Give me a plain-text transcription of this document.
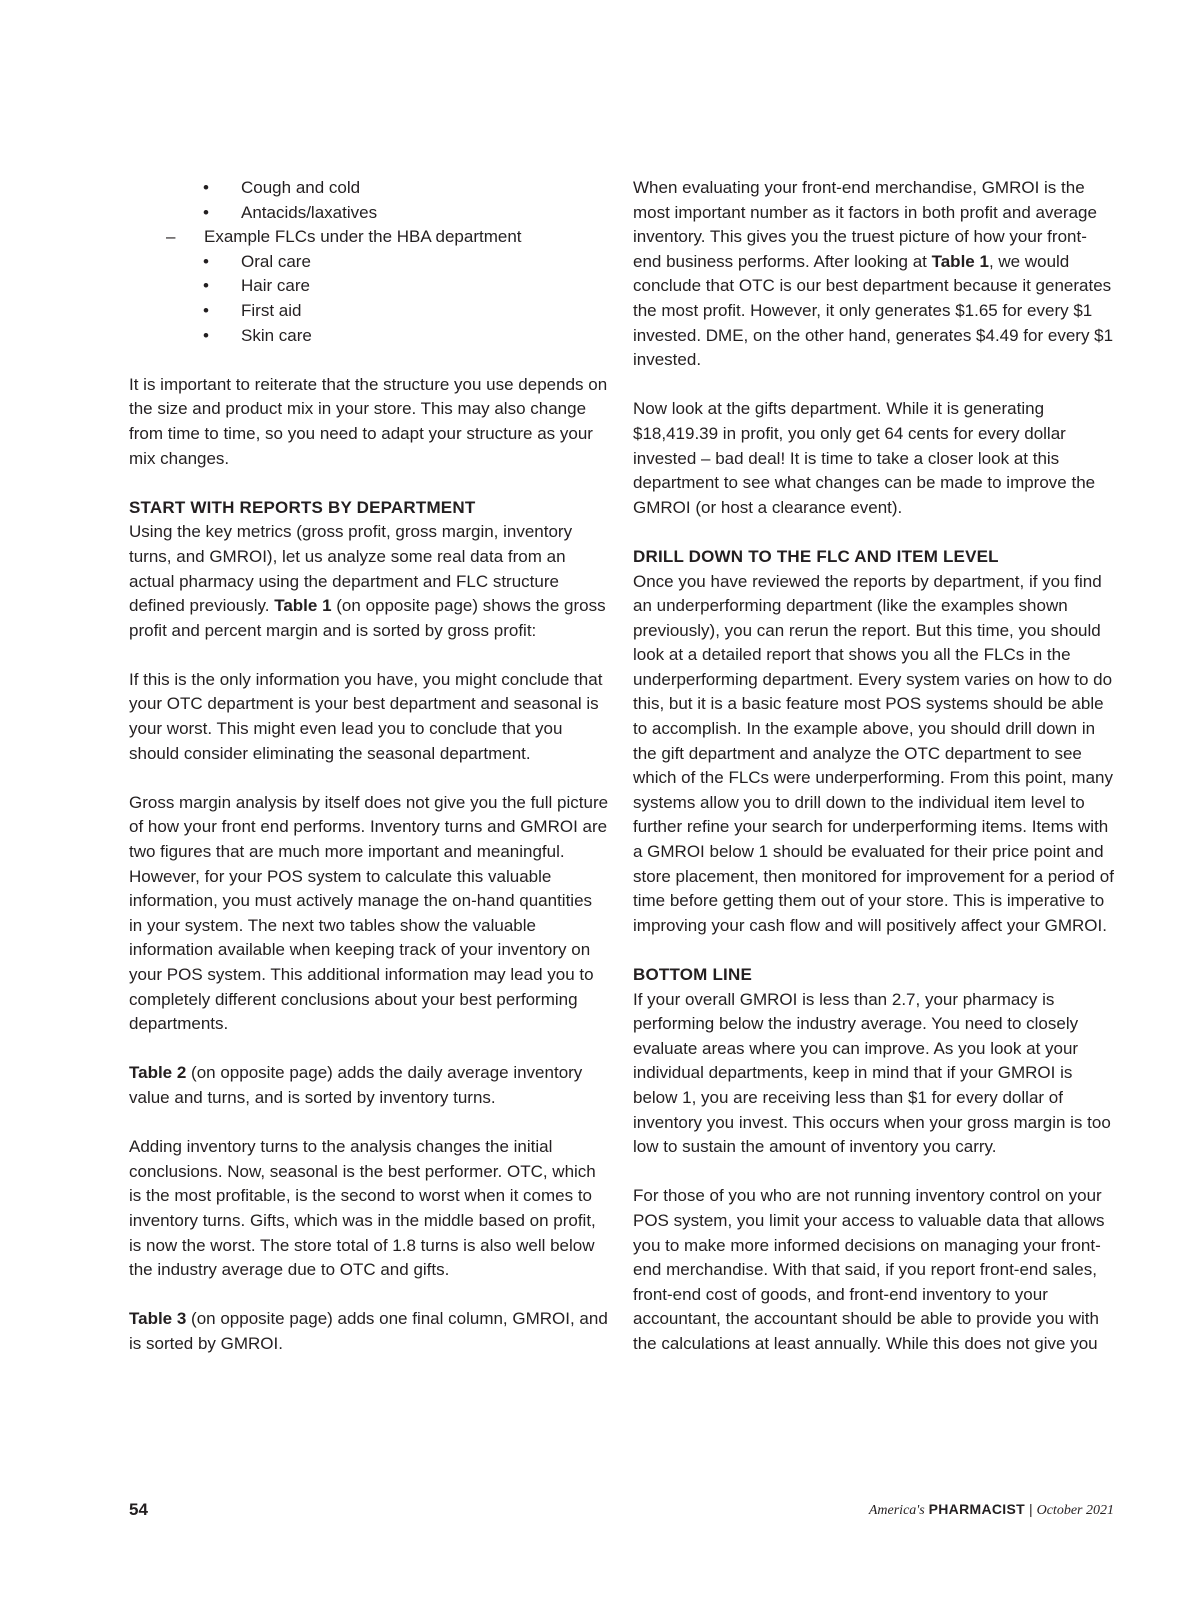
•	Cough and cold
•	Antacids/laxatives
–	Example FLCs under the HBA department
•	Oral care
•	Hair care
•	First aid
•	Skin care

It is important to reiterate that the structure you use depends on the size and product mix in your store. This may also change from time to time, so you need to adapt your structure as your mix changes.

START WITH REPORTS BY DEPARTMENT

Using the key metrics (gross profit, gross margin, inventory turns, and GMROI), let us analyze some real data from an actual pharmacy using the department and FLC structure defined previously. Table 1 (on opposite page) shows the gross profit and percent margin and is sorted by gross profit:

If this is the only information you have, you might conclude that your OTC department is your best department and seasonal is your worst. This might even lead you to conclude that you should consider eliminating the seasonal department.

Gross margin analysis by itself does not give you the full picture of how your front end performs. Inventory turns and GMROI are two figures that are much more important and meaningful. However, for your POS system to calculate this valuable information, you must actively manage the on-hand quantities in your system. The next two tables show the valuable information available when keeping track of your inventory on your POS system. This additional information may lead you to completely different conclusions about your best performing departments.

Table 2 (on opposite page) adds the daily average inventory value and turns, and is sorted by inventory turns.

Adding inventory turns to the analysis changes the initial conclusions. Now, seasonal is the best performer. OTC, which is the most profitable, is the second to worst when it comes to inventory turns. Gifts, which was in the middle based on profit, is now the worst. The store total of 1.8 turns is also well below the industry average due to OTC and gifts.

Table 3 (on opposite page) adds one final column, GMROI, and is sorted by GMROI.

When evaluating your front-end merchandise, GMROI is the most important number as it factors in both profit and average inventory. This gives you the truest picture of how your front-end business performs. After looking at Table 1, we would conclude that OTC is our best department because it generates the most profit. However, it only generates $1.65 for every $1 invested. DME, on the other hand, generates $4.49 for every $1 invested.

Now look at the gifts department. While it is generating $18,419.39 in profit, you only get 64 cents for every dollar invested – bad deal! It is time to take a closer look at this department to see what changes can be made to improve the GMROI (or host a clearance event).

DRILL DOWN TO THE FLC AND ITEM LEVEL

Once you have reviewed the reports by department, if you find an underperforming department (like the examples shown previously), you can rerun the report. But this time, you should look at a detailed report that shows you all the FLCs in the underperforming department. Every system varies on how to do this, but it is a basic feature most POS systems should be able to accomplish. In the example above, you should drill down in the gift department and analyze the OTC department to see which of the FLCs were underperforming. From this point, many systems allow you to drill down to the individual item level to further refine your search for underperforming items. Items with a GMROI below 1 should be evaluated for their price point and store placement, then monitored for improvement for a period of time before getting them out of your store. This is imperative to improving your cash flow and will positively affect your GMROI.

BOTTOM LINE

If your overall GMROI is less than 2.7, your pharmacy is performing below the industry average. You need to closely evaluate areas where you can improve. As you look at your individual departments, keep in mind that if your GMROI is below 1, you are receiving less than $1 for every dollar of inventory you invest. This occurs when your gross margin is too low to sustain the amount of inventory you carry.

For those of you who are not running inventory control on your POS system, you limit your access to valuable data that allows you to make more informed decisions on managing your front-end merchandise. With that said, if you report front-end sales, front-end cost of goods, and front-end inventory to your accountant, the accountant should be able to provide you with the calculations at least annually. While this does not give you

54	America's PHARMACIST | October 2021
